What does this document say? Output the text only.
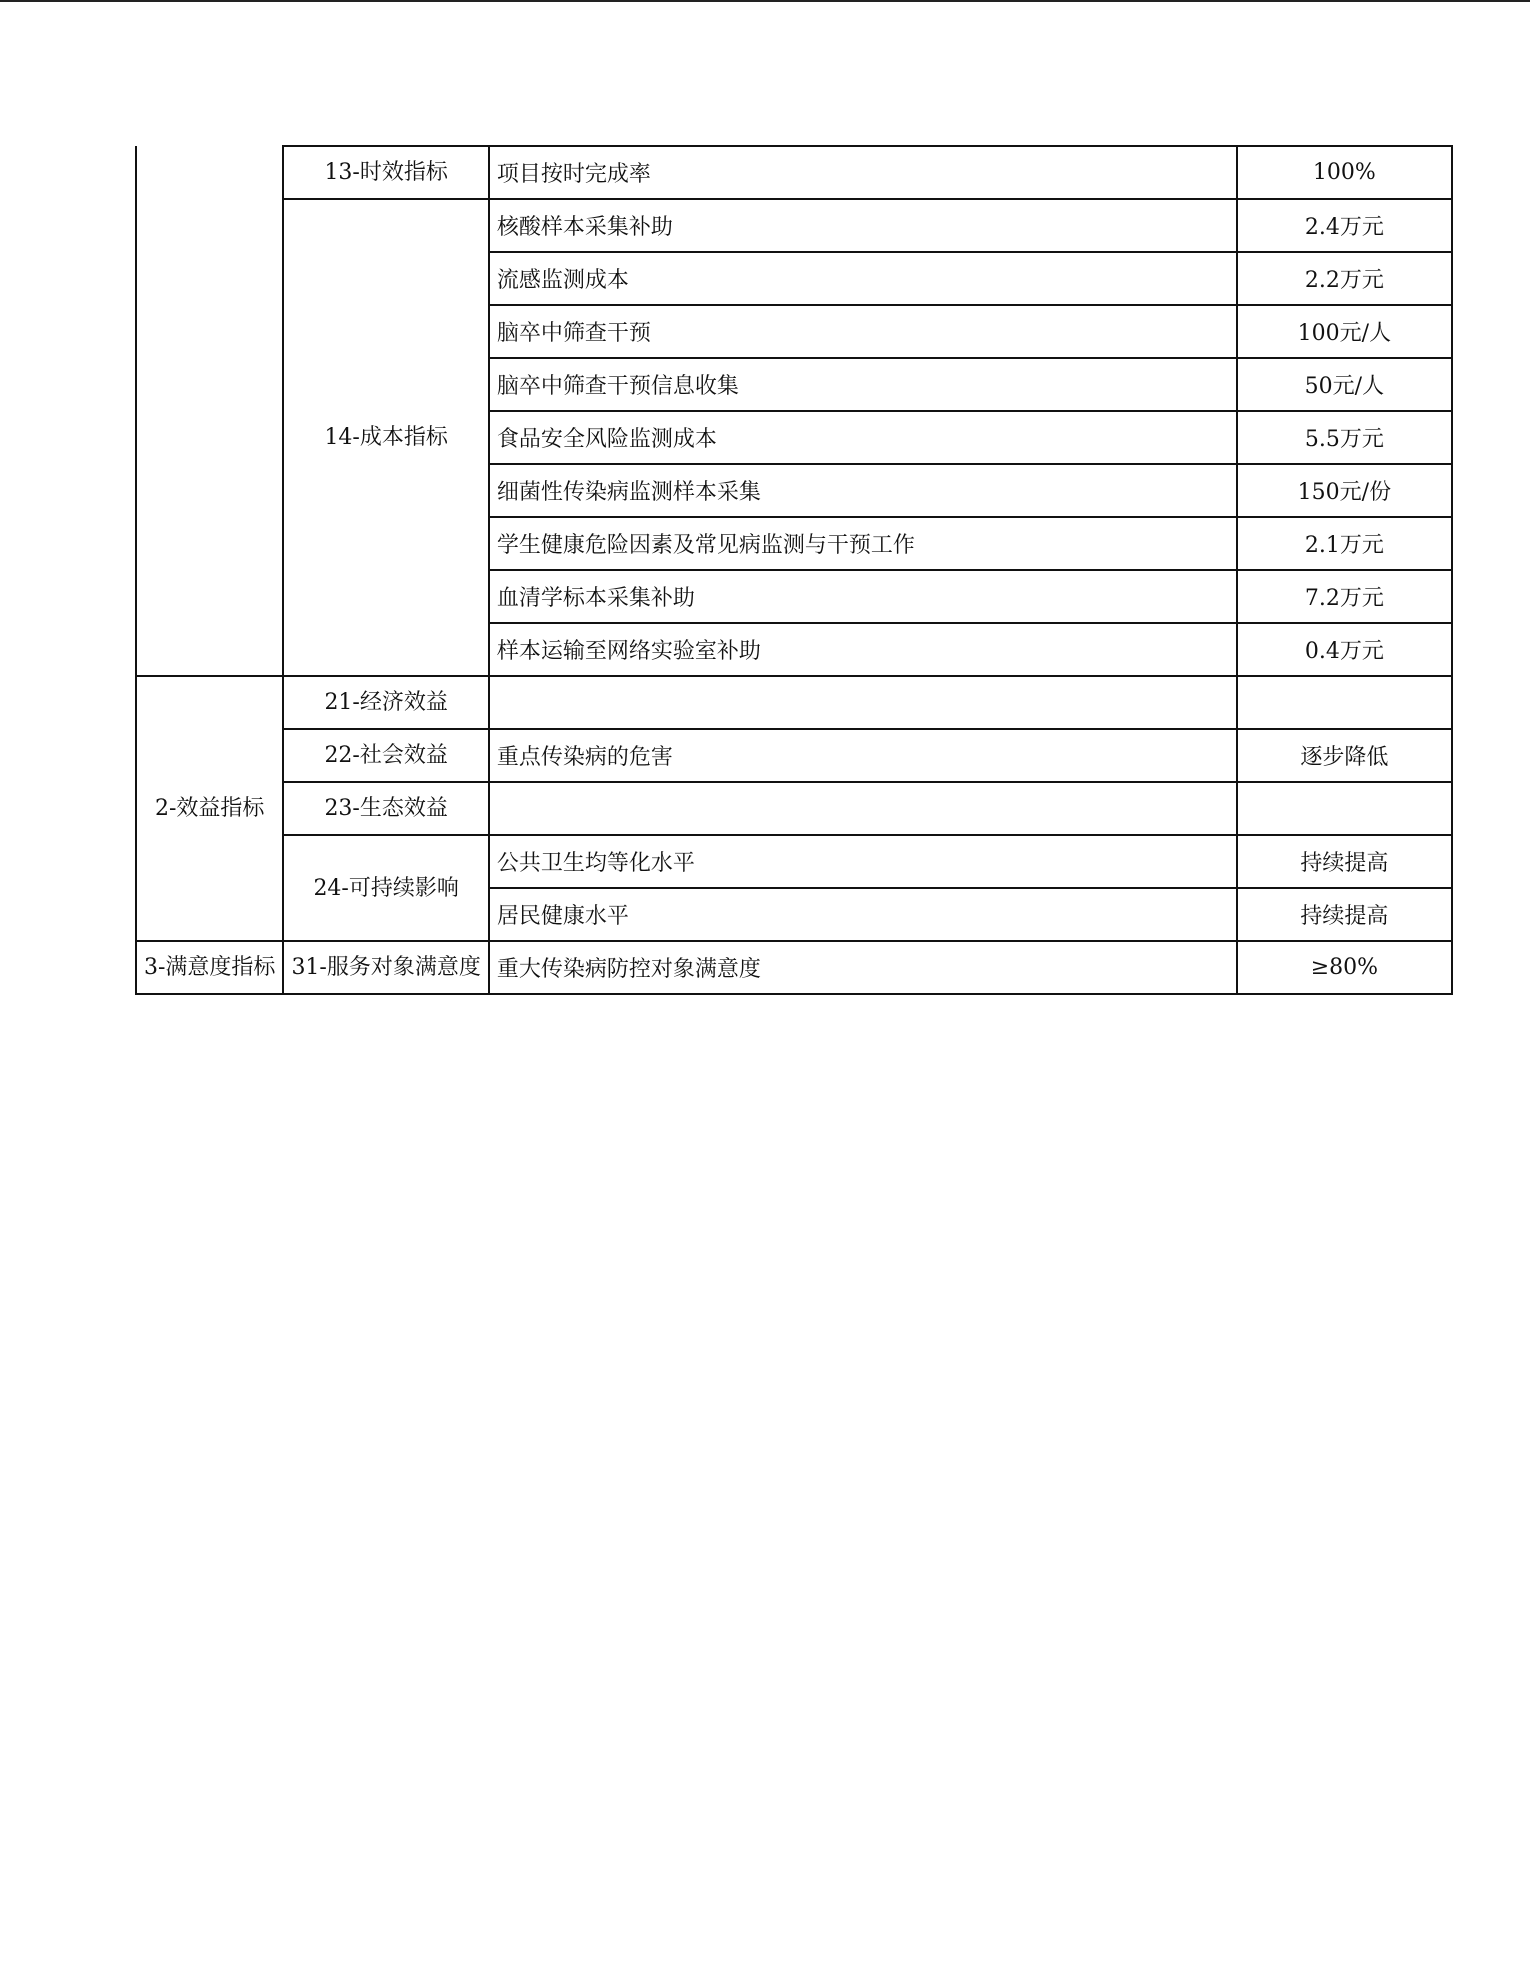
	13-时效指标	项目按时完成率	100%
	14-成本指标	核酸样本采集补助	2.4万元
		流感监测成本	2.2万元
		脑卒中筛查干预	100元/人
		脑卒中筛查干预信息收集	50元/人
		食品安全风险监测成本	5.5万元
		细菌性传染病监测样本采集	150元/份
		学生健康危险因素及常见病监测与干预工作	2.1万元
		血清学标本采集补助	7.2万元
		样本运输至网络实验室补助	0.4万元
2-效益指标	21-经济效益		
	22-社会效益	重点传染病的危害	逐步降低
	23-生态效益		
	24-可持续影响	公共卫生均等化水平	持续提高
		居民健康水平	持续提高
3-满意度指标	31-服务对象满意度	重大传染病防控对象满意度	≥80%
